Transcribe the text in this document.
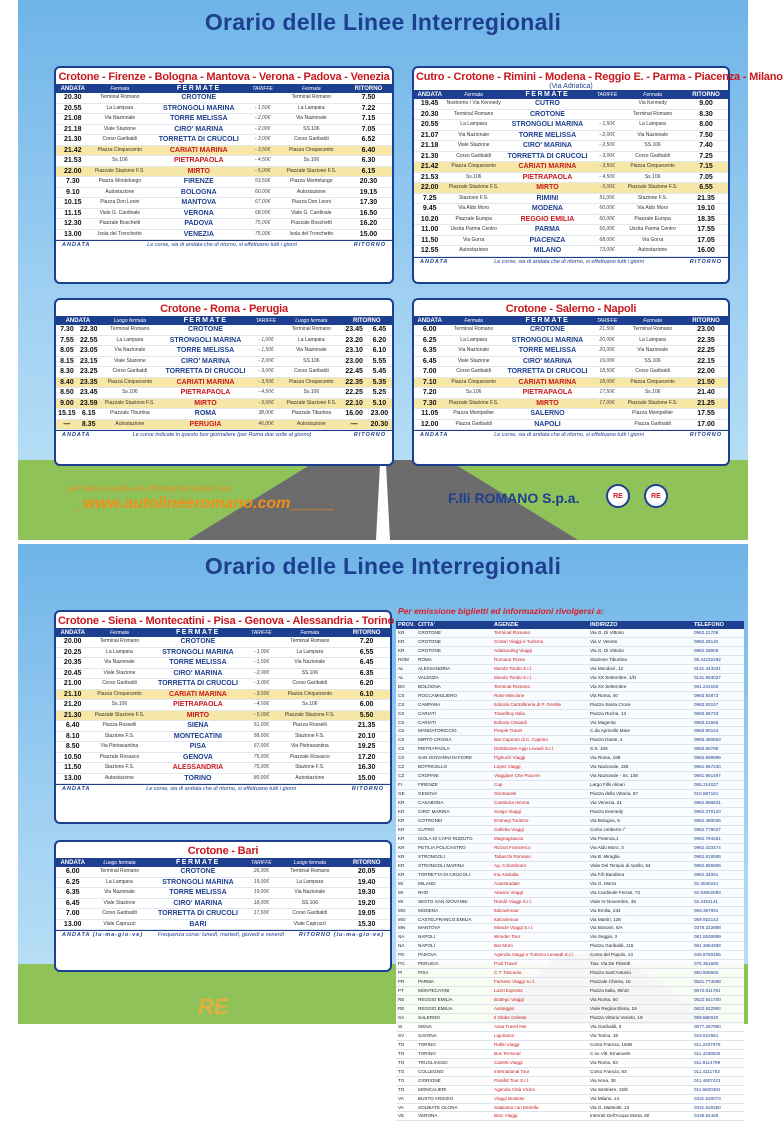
Orario delle Linee Interregionali
Crotone - Firenze - Bologna - Mantova - Verona - Padova - Venezia
ANDATA	Fermata	FERMATE	TARIFFE	Fermata	RITORNO
20.30	Terminal Romano	CROTONE		Terminal Romano	7.50
20.55	La Lampara	STRONGOLI MARINA	- 1,50€	La Lampara	7.22
21.08	Via Nazionale	TORRE MELISSA	- 2,00€	Via Nazionale	7.15
21.18	Viale Stazione	CIRO' MARINA	- 2,00€	SS.106	7.05
21.30	Corso Garibaldi	TORRETTA DI CRUCOLI	- 3,00€	Corso Garibaldi	6.52
21.42	Piazza Cinquecento	CARIATI MARINA	- 3,50€	Piazza Cinquecento	6.40
21.53	Ss.106	PIETRAPAOLA	- 4,50€	Ss.106	6.30
22.00	Piazzale Stazione F.S.	MIRTO	- 5,00€	Piazzale Stazione F.S.	6.15
7.30	Piazza Montelungo	FIRENZE	53,50€	Piazza Montelungo	20.30
9.10	Autostazione	BOLOGNA	60,00€	Autostazione	19.15
10.15	Piazza Don Leoni	MANTOVA	67,00€	Piazza Don Leoni	17.30
11.15	Viale G. Cardinale	VERONA	68,00€	Viale G. Cardinale	16.50
12.30	Piazzale Boschetti	PADOVA	75,00€	Piazzale Boschetti	16.20
13.00	Isola del Tronchetto	VENEZIA	75,00€	Isola del Tronchetto	15.00
ANDATA	Le corse, sia di andata che di ritorno, si effettuano tutti i giorni	RITORNO
Cutro - Crotone - Rimini - Modena - Reggio E. - Parma - Piacenza - Milano
(Via Adriatica)
ANDATA	Fermata	FERMATE	TARIFFE	Fermata	RITORNO
19.45	Nostromo / Via Kennedy	CUTRO		Via Kennedy	9.00
20.30	Terminal Romano	CROTONE		Terminal Romano	8.30
20.55	La Lampara	STRONGOLI MARINA	- 1,50€	La Lampara	8.00
21.07	Via Nazionale	TORRE MELISSA	- 2,00€	Via Nazionale	7.50
21.18	Viale Stazione	CIRO' MARINA	- 2,50€	SS.106	7.40
21.30	Corso Garibaldi	TORRETTA DI CRUCOLI	- 3,00€	Corso Garibaldi	7.25
21.42	Piazza Cinquecento	CARIATI MARINA	- 3,50€	Piazza Cinquecento	7.15
21.53	Ss.106	PIETRAPAOLA	- 4,50€	Ss.106	7.05
22.00	Piazzale Stazione F.S.	MIRTO	- 5,00€	Piazzale Stazione F.S.	6.55
7.25	Stazione F.S.	RIMINI	51,00€	Stazione F.S.	21.35
9.45	Via Aldo Moro	MODENA	60,00€	Via Aldo Moro	19.10
10.20	Piazzale Europa	REGGIO EMILIA	60,00€	Piazzale Europa	18.35
11.00	Uscita Parma Centro	PARMA	66,00€	Uscita Parma Centro	17.55
11.50	Via Gorra	PIACENZA	68,00€	Via Gorra	17.05
12.55	Autostazione	MILANO	73,00€	Autostazione	16.00
ANDATA	Le corse, sia di andata che di ritorno, si effettuano tutti i giorni	RITORNO
Crotone - Roma - Perugia
ANDATA		Luogo fermata	FERMATE	TARIFFE	Luogo fermata	RITORNO	
7.30	22.30	Terminal Romano	CROTONE		Terminal Romano	23.45	6.45
7.55	22.55	La Lampara	STRONGOLI MARINA	- 1,00€	La Lampara	23.20	6.20
8.05	23.05	Via Nazionale	TORRE MELISSA	- 1,50€	Via Nazionale	23.10	6.10
8.15	23.15	Viale Stazione	CIRO' MARINA	- 2,00€	SS.106	23.00	5.55
8.30	23.25	Corso Garibaldi	TORRETTA DI CRUCOLI	- 3,00€	Corso Garibaldi	22.45	5.45
8.40	23.35	Piazza Cinquecento	CARIATI MARINA	- 3,50€	Piazza Cinquecento	22.35	5.35
8.50	23.45	Ss.106	PIETRAPAOLA	- 4,50€	Ss.106	22.25	5.25
9.00	23.59	Piazzale Stazione F.S.	MIRTO	- 5,00€	Piazzale Stazione F.S.	22.10	5.10
15.15	6.15	Piazzale Tiburtina	ROMA	38,00€	Piazzale Tiburtina	16.00	23.00
—	8.35	Autostazione	PERUGIA	46,00€	Autostazione	—	20.30
ANDATA	Le corse indicate in questo box giornaliere (per Roma due volte al giorno)	RITORNO
Crotone - Salerno - Napoli
ANDATA	Fermata	FERMATE	TARIFFE	Fermata	RITORNO
6.00	Terminal Romano	CROTONE	21,50€	Terminal Romano	23.00
6.25	La Lampara	STRONGOLI MARINA	20,00€	La Lampara	22.35
6.35	Via Nazionale	TORRE MELISSA	20,00€	Via Nazionale	22.25
6.45	Viale Stazione	CIRO' MARINA	19,00€	SS.106	22.15
7.00	Corso Garibaldi	TORRETTA DI CRUCOLI	18,50€	Corso Garibaldi	22.00
7.10	Piazza Cinquecento	CARIATI MARINA	18,00€	Piazza Cinquecento	21.50
7.20	Ss.106	PIETRAPAOLA	17,50€	Ss.106	21.40
7.30	Piazzale Stazione F.S.	MIRTO	17,00€	Piazzale Stazione F.S.	21.25
11.05	Piazza Montpellier	SALERNO		Piazza Montpellier	17.55
12.00	Piazza Garibaldi	NAPOLI		Piazza Garibaldi	17.00
ANDATA	Le corse, sia di andata che di ritorno, si effettuano tutti i giorni	RITORNO
per tutte le novità e le informazioni visita il sito:
_www.autolineeromano.com_____	F.lli ROMANO S.p.a.	RE	RE
Orario delle Linee Interregionali
Crotone - Siena - Montecatini - Pisa - Genova - Alessandria - Torino
ANDATA	Fermata	FERMATE	TARIFFE	Fermata	RITORNO
20.00	Terminal Romano	CROTONE		Terminal Romano	7.20
20.25	La Lampara	STRONGOLI MARINA	- 1,00€	La Lampara	6.55
20.35	Via Nazionale	TORRE MELISSA	- 1,50€	Via Nazionale	6.45
20.45	Viale Stazione	CIRO' MARINA	- 2,00€	SS.106	6.35
21.00	Corso Garibaldi	TORRETTA DI CRUCOLI	- 3,00€	Corso Garibaldi	6.20
21.10	Piazza Cinquecento	CARIATI MARINA	- 3,50€	Piazza Cinquecento	6.10
21.20	Ss.106	PIETRAPAOLA	- 4,50€	Ss.106	6.00
21.30	Piazzale Stazione F.S.	MIRTO	- 5,00€	Piazzale Stazione F.S.	5.50
6.40	Piazza Rosselli	SIENA	51,00€	Piazza Rosselli	21.35
8.10	Stazione F.S.	MONTECATINI	58,00€	Stazione F.S.	20.10
8.50	Via Pietrasantina	PISA	67,00€	Via Pietrasantina	19.25
10.50	Piazzale Rosasco	GENOVA	75,00€	Piazzale Rosasco	17.20
11.50	Stazione F.S.	ALESSANDRIA	75,00€	Stazione F.S.	16.30
13.00	Autostazione	TORINO	80,00€	Autostazione	15.00
ANDATA	Le corse, sia di andata che di ritorno, si effettuano tutti i giorni	RITORNO
Crotone - Bari
ANDATA	Luogo fermata	FERMATE	TARIFFE	Luogo fermata	RITORNO
6.00	Terminal Romano	CROTONE	26,00€	Terminal Romano	20.05
6.25	La Lampara	STRONGOLI MARINA	19,00€	La Lampara	19.40
6.35	Via Nazionale	TORRE MELISSA	19,00€	Via Nazionale	19.30
6.45	Viale Stazione	CIRO' MARINA	18,00€	SS.106	19.20
7.00	Corso Garibaldi	TORRETTA DI CRUCOLI	17,50€	Corso Garibaldi	19.05
13.00	Viale Capruzzi	BARI		Viale Capruzzi	15.30
ANDATA (lu-ma-gio-ve)	Frequenza corse: lunedì, martedì, giovedì e venerdì	RITORNO (lu-ma-gio-ve)
RE
Per emissione biglietti ed informazioni rivolgersi a:
PROV.	CITTA'	AGENZIE	INDIRIZZO	TELEFONO
KR	CROTONE	Terminal Romano	Via G. Di Vittorio	0962.21709
KR	CROTONE	Croton Viaggi e Turismo	Via V. Veneto	0962.28119
KR	CROTONE	Adalsouting Viaggi	Via G. Di Vittorio	0962.28809
ROM	ROMA	Romano Roma	Stazione Tiburtina	06.44232292
AL	ALESSANDRIA	Mondo Tondo S.r.l.	Via Mondovì, 12	0131.443031
AL	VALENZA	Mondo Tondo S.r.l.	Via XX Settembre, 1/D	0131.953037
BO	BOLOGNA	Terminal Romano	Via XX Settembre	051.242150
CS	ROCCAMIGLIERO	Rose Mincione	Via Roma, 40	0983.92873
CS	CAMPANA	Edicola Cartolibreria di P. Gentile	Piazza Santa Croce	0983.93157
CS	CARIATI	Travelbuy Italia	Piazza Rocha, 13	0983.96733
CS	CARIATI	Edicola Crisiaidi	Via Magenta	0983.21566
CS	MANDATORICCIO	People Travel	C.da Apricello Mare	0983.90154
CS	MIRTO CROSIA	Bar Caprioto di C. Caprino	Piazza Dante, 2	0983.480503
CS	PIETRAPAOLA	Distributore Agip Levaeli S.r.l.	S.S. 106	0983.90796
CS	SAN GIOVANNI IN FIORE	Pighuzzi Viaggi	Via Roma, 188	0984.999999
CZ	BOTRICELLO	Lopez Viaggi	Via Nazionale, 325	0961.967240
CZ	CROPANI	Viaggiare Che Piacere	Via Nazionale - Ss. 106	0961.961497
FI	FIRENZE	Cap	Largo Fillii Alinari	055.214637
GE	GENOVA	Geotravels	Piazza della Vittoria, 57	010.587181
KR	CASABONA	Cartoleria Iemma	Via Venezia, 21	0962.888831
KR	CIRO' MARINA	Svago Viaggi	Piazza Kennedy	0962.370120
KR	COTRONEI	Emmegi Turismo	Via Bologna, 9	0962.490036
KR	CUTRO	Galletta Viaggi	Corso Umberto I°	0962.779027
KR	ISOLA DI CAPO RIZZUTO	Magnagraecia	Via Potenza,1	0962.794481
KR	PETILIA POLICASTRO	Rizzuti Francesco	Via Aldo Moro, 3	0962.433474
KR	STRONGOLI	Tabacchi Romano	Via B. Miraglia	0962.819506
KR	STRONGOLI MARINA	Ag. Colombraro	Viale Del Tempio di Apollo, 54	0962.865806
KR	TORRETTA DI CRUCOLI	Ina Assitalia	Via F.lli Bandiera	0962.34061
MI	MILANO	Autostradale	Via G. Morra	02.3040241
MI	RHO	Alavino Viaggi	Via Cardinale Ferrari, 73	02.93902093
MI	SESTO SAN GIOVANNI	Rondò Viaggi S.r.l.	Viale IV Novembre, 45	02.2491141
MO	MODENA	Italcavimour	Via Emilia, 234	059.367091
MO	CASTELFRANCO EMILIA	Italcavimour	Via Martiri, 126	059.922142
MN	MANTOVA	Miracle Viaggi S.r.l.	Via Bonomi, 6/A	0376.322888
NA	NAPOLI	Wonder Tour	Via Seggio, 2	081.5536889
NA	NAPOLI	Bar Moro	Piazza Garibaldi, 115	081.3654368
PD	PADOVA	Agenzia Viaggi e Turismo Levaedi S.r.l.	Corso del Popolo, 14	049.8760455
PG	PERUGIA	Pool Travel	Tiav. Via De Filosofi	075.351690
PI	PISA	C.T. Toscanio	Piazza Sant'Antonio	050.505502
PR	PARMA	Farnese Viaggi S.r.l.	Piazzale Chiesa, 15	0521.774008
PT	MONTECATINI	Lazzi Express	Piazza Italia, 90/10	0572.911781
RE	REGGIO EMILIA	Bottego Viaggi	Via Roma, 50	0522.541700
RE	REGGIO EMILIA	Assteggio	Viale Regina Elena, 18	0522.922992
SA	SALERNO	Il Globo Celeste	Piazza Vittorio Veneto, 19	089.580040
SI	SIENA	Assa Travel Net	Via Garibaldi, 3	0577.287990
SV	SAVONA	Liguriamo	Via Torino, 19	019.822561
TO	TORINO	Rafiki Viaggi	Corso Francia, 194B	011.2207679
TO	TORINO	Bus Terminal	C.so Vitt. Emanuele	011.4338525
TO	TRUGLIASSO	Carletti Viaggi	Via Roma, 83	011.9114799
TO	COLLEGNO	International Tour	Corso Francia, 83	011.4111763
TO	CIORIONE	Parafid Tour S.r.l.	Via Ivrea, 38	011.4607423
TO	MONCALIERI	Agenzia Città Vicine	Via Sestriere, 15/8	011.6620481
VA	BUSTO ARSIZIO	Viaggi Bustese	Via Milano, 14	0331.630073
VA	SOLBIATE OLONA	Salpiamo con Estrella	Via G. Matteotti, 13	0331.620250
VE	VERONA	Brec Viaggi	Interrati Dell'Acqua Morta, 60	0435.94468
